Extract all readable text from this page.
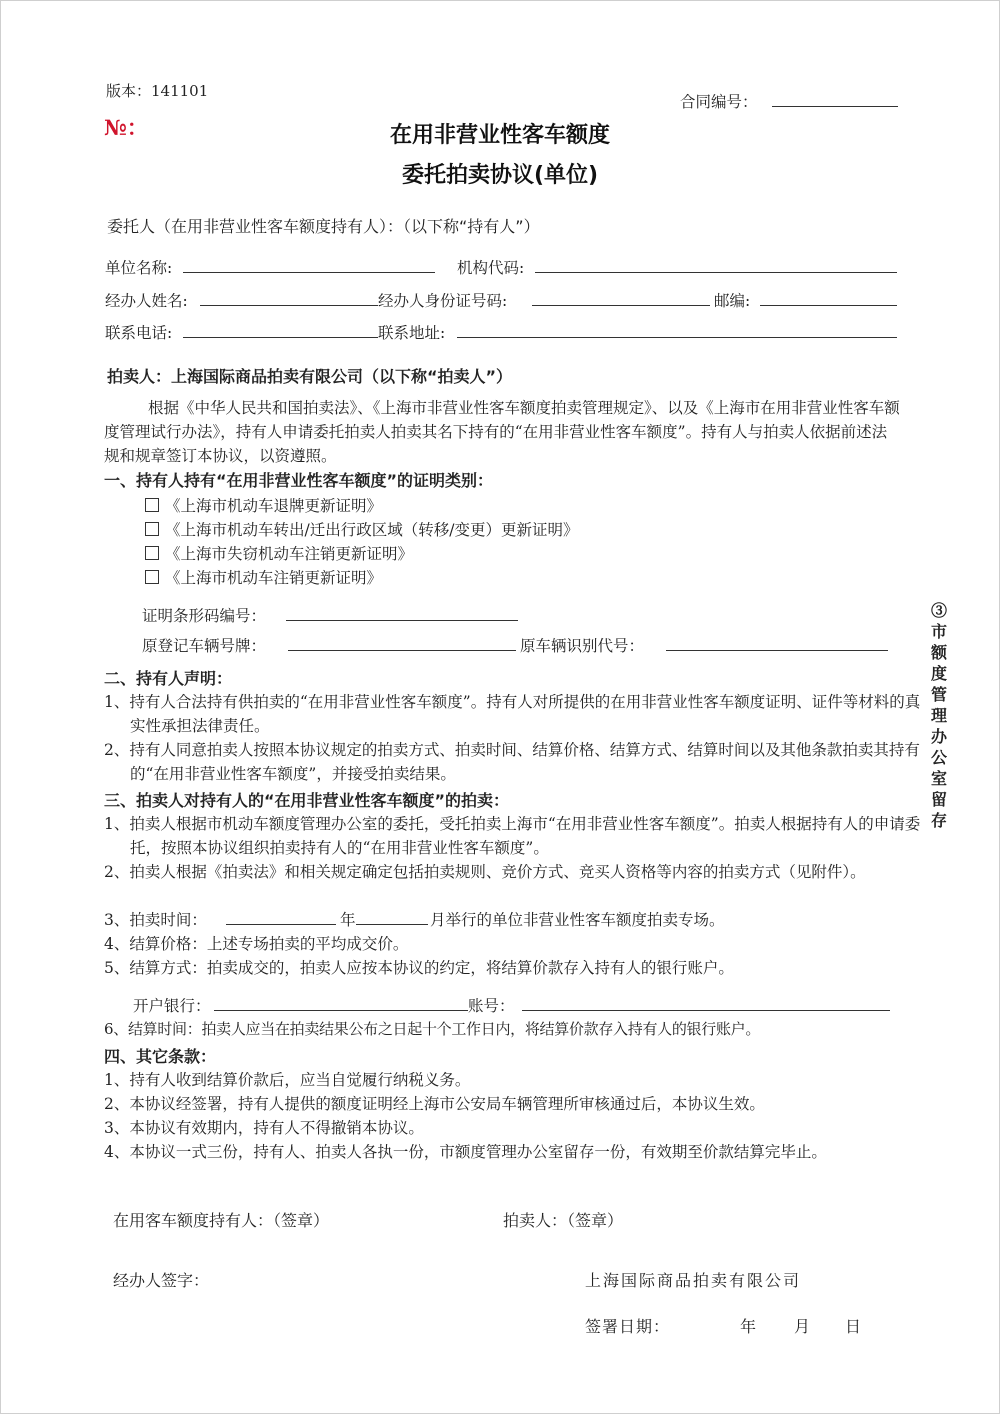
版本：141101
№：
合同编号：
在用非营业性客车额度
委托拍卖协议(单位)
委托人（在用非营业性客车额度持有人）：（以下称“持有人”）
单位名称:	机构代码:
经办人姓名:	经办人身份证号码:	邮编:
联系电话:	联系地址:
拍卖人：上海国际商品拍卖有限公司（以下称“拍卖人”）
根据《中华人民共和国拍卖法》、《上海市非营业性客车额度拍卖管理规定》、以及《上海市在用非营业性客车额度管理试行办法》，持有人申请委托拍卖人拍卖其名下持有的“在用非营业性客车额度”。持有人与拍卖人依据前述法规和规章签订本协议，以资遵照。
一、持有人持有“在用非营业性客车额度”的证明类别：
《上海市机动车退牌更新证明》
《上海市机动车转出/迁出行政区域（转移/变更）更新证明》
《上海市失窃机动车注销更新证明》
《上海市机动车注销更新证明》
证明条形码编号：
原登记车辆号牌：	原车辆识别代号：
二、持有人声明：
1、持有人合法持有供拍卖的“在用非营业性客车额度”。持有人对所提供的在用非营业性客车额度证明、证件等材料的真实性承担法律责任。
2、持有人同意拍卖人按照本协议规定的拍卖方式、拍卖时间、结算价格、结算方式、结算时间以及其他条款拍卖其持有的“在用非营业性客车额度”，并接受拍卖结果。
三、拍卖人对持有人的“在用非营业性客车额度”的拍卖：
1、拍卖人根据市机动车额度管理办公室的委托，受托拍卖上海市“在用非营业性客车额度”。拍卖人根据持有人的申请委托，按照本协议组织拍卖持有人的“在用非营业性客车额度”。
2、拍卖人根据《拍卖法》和相关规定确定包括拍卖规则、竞价方式、竞买人资格等内容的拍卖方式（见附件）。
3、拍卖时间：	年	月举行的单位非营业性客车额度拍卖专场。
4、结算价格：上述专场拍卖的平均成交价。
5、结算方式：拍卖成交的，拍卖人应按本协议的约定，将结算价款存入持有人的银行账户。
开户银行：	账号：
6、结算时间：拍卖人应当在拍卖结果公布之日起十个工作日内，将结算价款存入持有人的银行账户。
四、其它条款：
1、持有人收到结算价款后，应当自觉履行纳税义务。
2、本协议经签署，持有人提供的额度证明经上海市公安局车辆管理所审核通过后，本协议生效。
3、本协议有效期内，持有人不得撤销本协议。
4、本协议一式三份，持有人、拍卖人各执一份，市额度管理办公室留存一份，有效期至价款结算完毕止。
在用客车额度持有人：（签章）	拍卖人：（签章）
经办人签字：	上海国际商品拍卖有限公司
签署日期：	年 月 日
③市额度管理办公室留存
